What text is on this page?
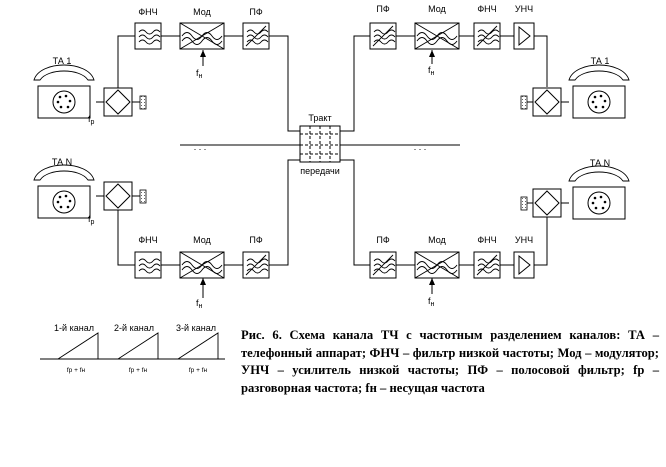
ФНЧ	Мод	ПФ
$f_н$
ТА 1
$f_р$
ФНЧ	Мод	ПФ
$f_н$
ТА N
$f_р$
ПФ	Мод	ФНЧ УНЧ
$f_н$
ТА 1
ПФ	Мод	ФНЧ УНЧ
$f_н$
ТА N
Тракт
передачи
. . .	. . .
1-й канал 2-й канал 3-й канал
fр + fн	fр + fн	fр + fн

Рис. 6. Схема канала ТЧ с частотным разделением каналов: ТА – телефонный аппарат; ФНЧ – фильтр низкой частоты; Мод – модулятор; УНЧ – усилитель низкой частоты; ПФ – полосовой фильтр; fр – разговорная частота; fн – несущая частота
